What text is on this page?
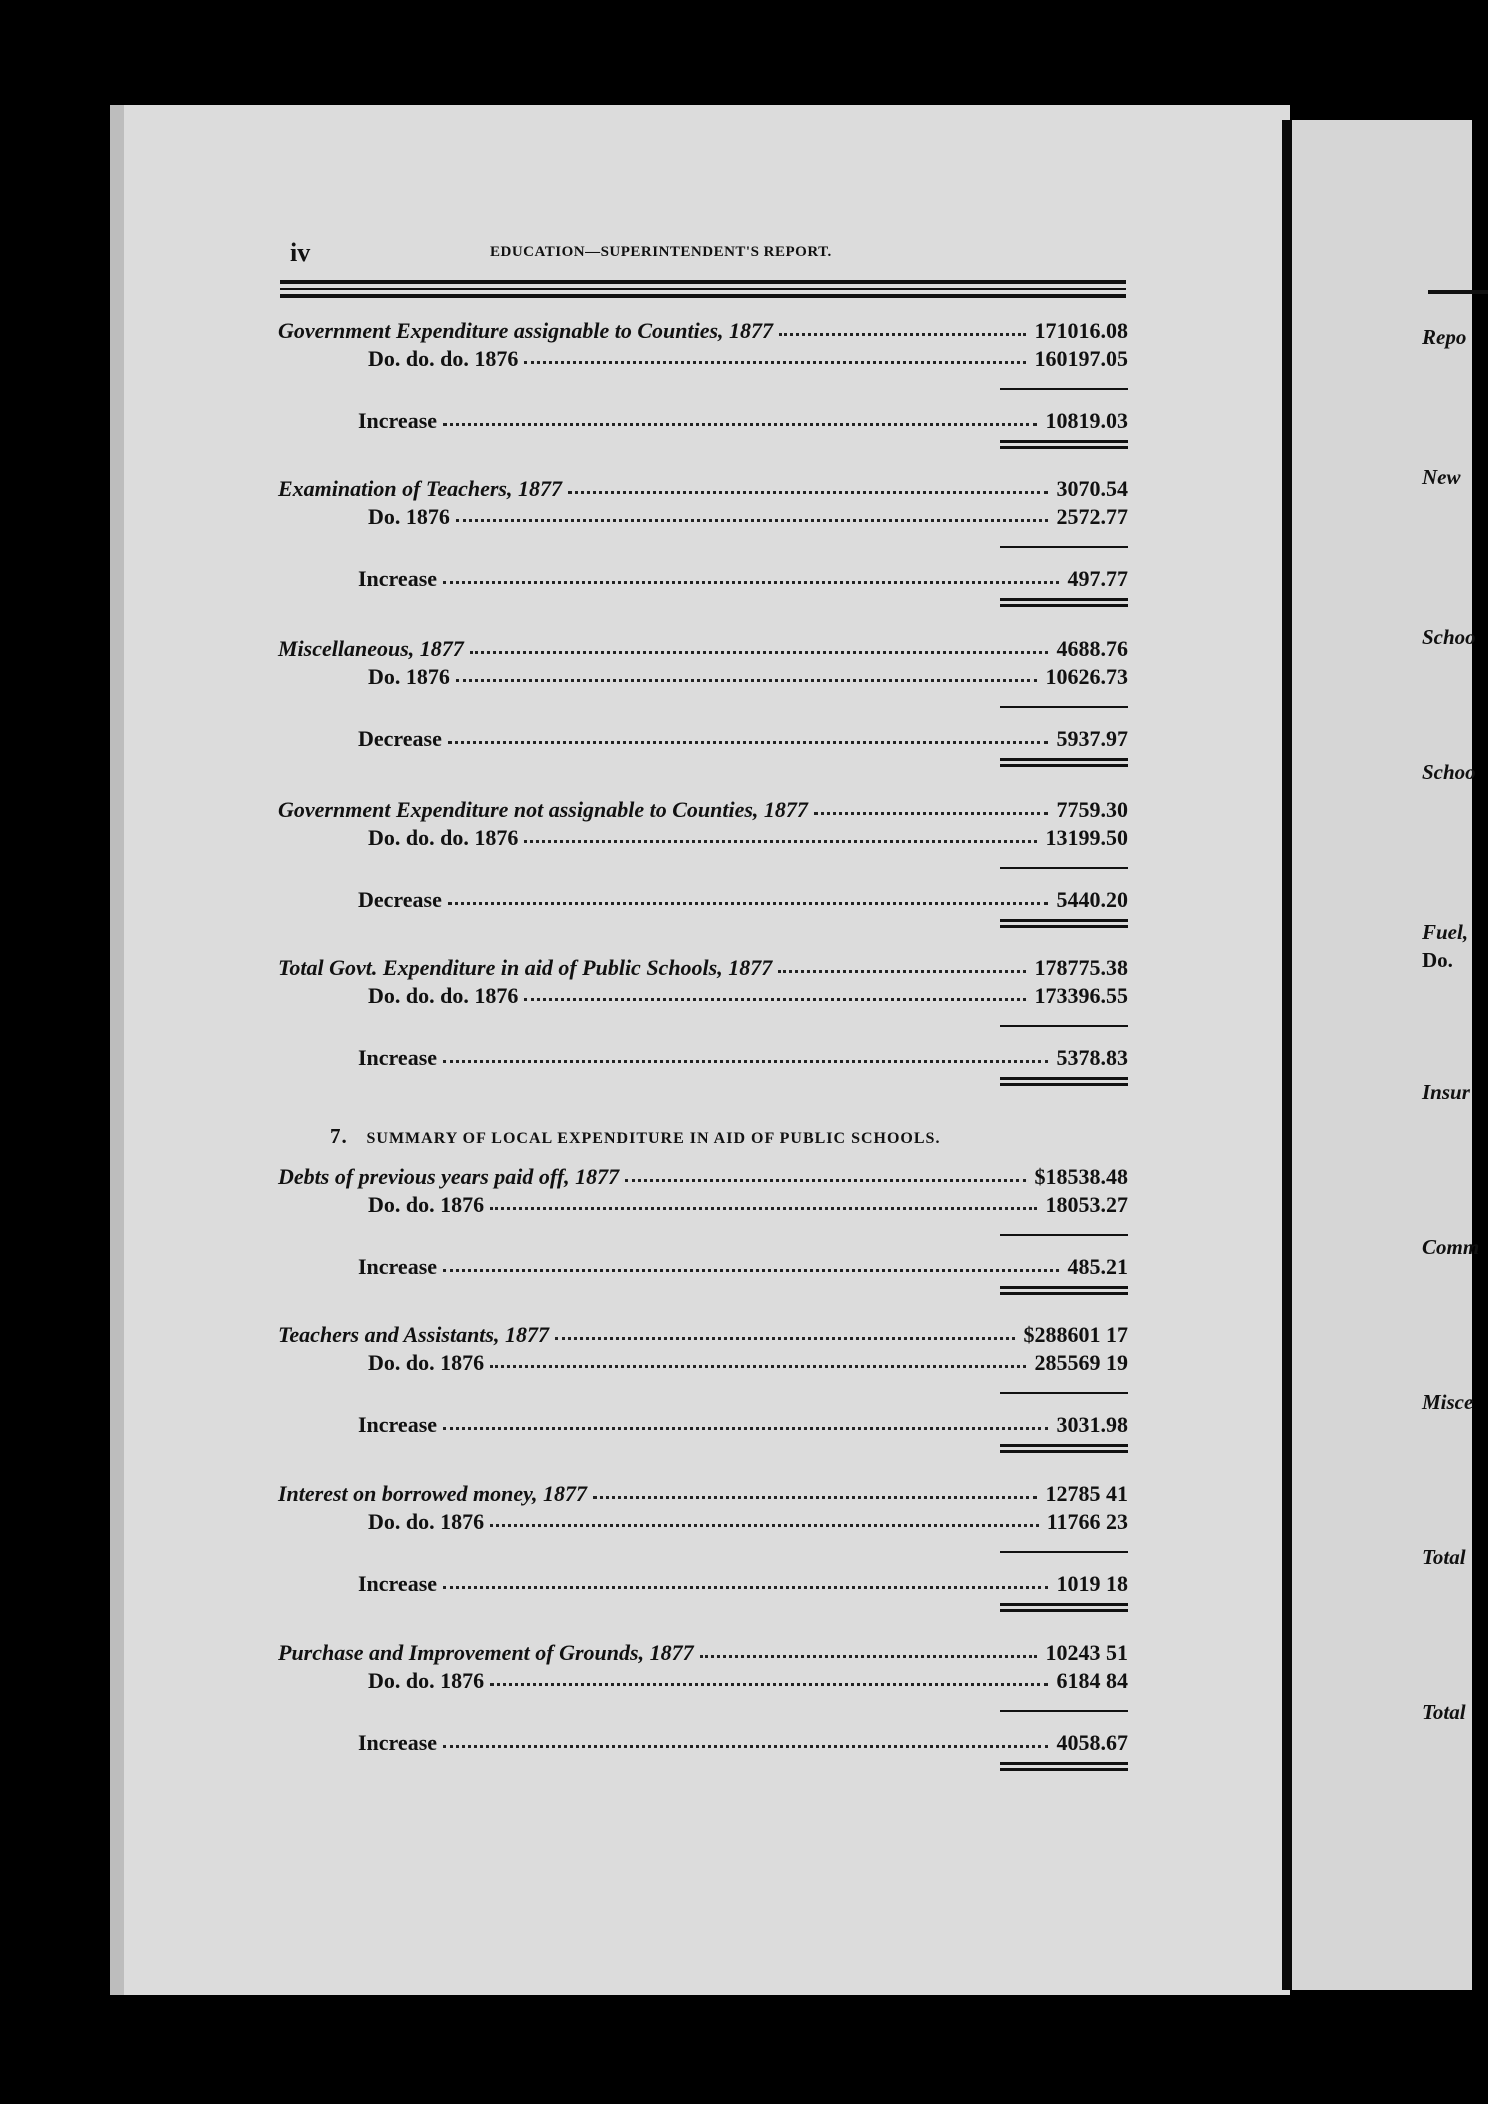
Repo
New
Schoo
Schoo
Fuel,
Do.
Insur
Comm
Misce
Total
Total
iv	EDUCATION—SUPERINTENDENT'S REPORT.
Government Expenditure assignable to Counties, 1877	171016.08
Do. do. do. 1876	160197.05
Increase	10819.03
Examination of Teachers, 1877	3070.54
Do. 1876	2572.77
Increase	497.77
Miscellaneous, 1877	4688.76
Do. 1876	10626.73
Decrease	5937.97
Government Expenditure not assignable to Counties, 1877	7759.30
Do. do. do. 1876	13199.50
Decrease	5440.20
Total Govt. Expenditure in aid of Public Schools, 1877	178775.38
Do. do. do. 1876	173396.55
Increase	5378.83
Debts of previous years paid off, 1877	$18538.48
Do. do. 1876	18053.27
Increase	485.21
Teachers and Assistants, 1877	$288601 17
Do. do. 1876	285569 19
Increase	3031.98
Interest on borrowed money, 1877	12785 41
Do. do. 1876	11766 23
Increase	1019 18
Purchase and Improvement of Grounds, 1877	10243 51
Do. do. 1876	6184 84
Increase	4058.67
7. SUMMARY OF LOCAL EXPENDITURE IN AID OF PUBLIC SCHOOLS.
